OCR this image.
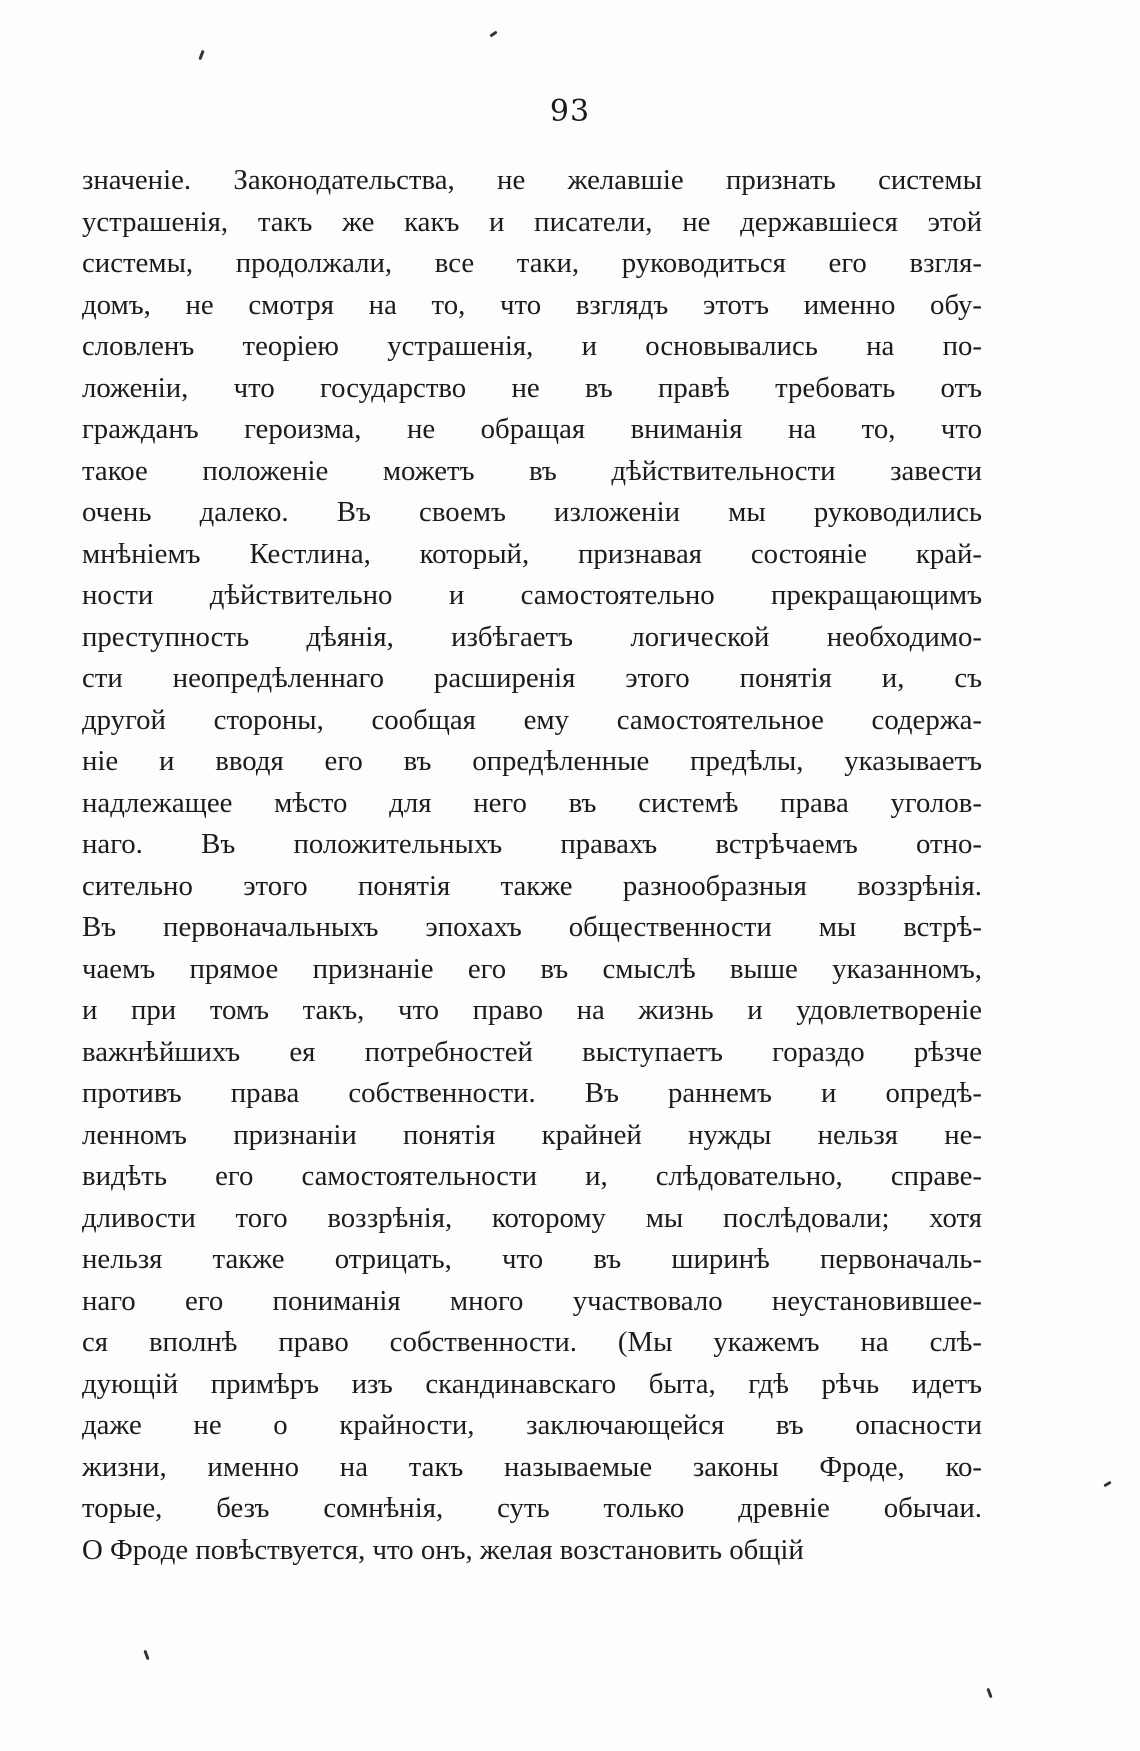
93
значеніе. Законодательства, не желавшіе признать системы
устрашенія, такъ же какъ и писатели, не державшіеся этой
системы, продолжали, все таки, руководиться его взгля-
домъ, не смотря на то, что взглядъ этотъ именно обу-
словленъ теоріею устрашенія, и основывались на по-
ложеніи, что государство не въ правѣ требовать отъ
гражданъ героизма, не обращая вниманія на то, что
такое положеніе можетъ въ дѣйствительности завести
очень далеко. Въ своемъ изложеніи мы руководились
мнѣніемъ Кестлина, который, признавая состояніе край-
ности дѣйствительно и самостоятельно прекращающимъ
преступность дѣянія, избѣгаетъ логической необходимо-
сти неопредѣленнаго расширенія этого понятія и, съ
другой стороны, сообщая ему самостоятельное содержа-
ніе и вводя его въ опредѣленные предѣлы, указываетъ
надлежащее мѣсто для него въ системѣ права уголов-
наго. Въ положительныхъ правахъ встрѣчаемъ отно-
сительно этого понятія также разнообразныя воззрѣнія.
Въ первоначальныхъ эпохахъ общественности мы встрѣ-
чаемъ прямое признаніе его въ смыслѣ выше указанномъ,
и при томъ такъ, что право на жизнь и удовлетвореніе
важнѣйшихъ ея потребностей выступаетъ гораздо рѣзче
противъ права собственности. Въ раннемъ и опредѣ-
ленномъ признаніи понятія крайней нужды нельзя не-
видѣть его самостоятельности и, слѣдовательно, справе-
дливости того воззрѣнія, которому мы послѣдовали; хотя
нельзя также отрицать, что въ ширинѣ первоначаль-
наго его пониманія много участвовало неустановившее-
ся вполнѣ право собственности. (Мы укажемъ на слѣ-
дующій примѣръ изъ скандинавскаго быта, гдѣ рѣчь идетъ
даже не о крайности, заключающейся въ опасности
жизни, именно на такъ называемые законы Фроде, ко-
торые, безъ сомнѣнія, суть только древніе обычаи.
О Фроде повѣствуется, что онъ, желая возстановить общій
